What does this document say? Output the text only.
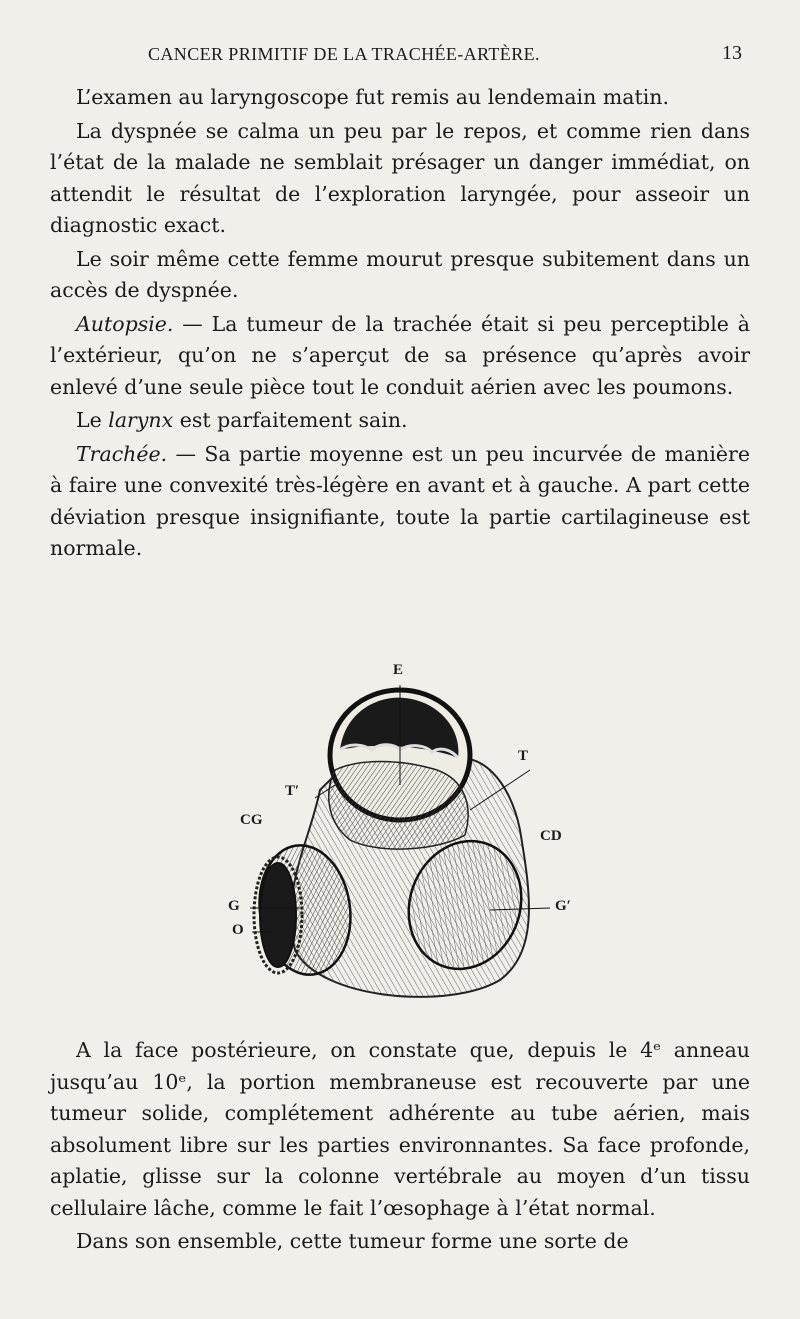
CANCER PRIMITIF DE LA TRACHÉE-ARTÈRE.	13

L’examen au laryngoscope fut remis au lendemain matin.

La dyspnée se calma un peu par le repos, et comme rien dans l’état de la malade ne semblait présager un danger immédiat, on attendit le résultat de l’exploration laryngée, pour asseoir un diagnostic exact.

Le soir même cette femme mourut presque subitement dans un accès de dyspnée.

Autopsie. — La tumeur de la trachée était si peu perceptible à l’extérieur, qu’on ne s’aperçut de sa présence qu’après avoir enlevé d’une seule pièce tout le conduit aérien avec les poumons.

Le larynx est parfaitement sain.

Trachée. — Sa partie moyenne est un peu incurvée de manière à faire une convexité très-légère en avant et à gauche. A part cette déviation presque insignifiante, toute la partie cartilagineuse est normale.

E
T
T′
CG
CD
G	G′
O

A la face postérieure, on constate que, depuis le 4ᵉ anneau jusqu’au 10ᵉ, la portion membraneuse est recouverte par une tumeur solide, complétement adhérente au tube aérien, mais absolument libre sur les parties environnantes. Sa face profonde, aplatie, glisse sur la colonne vertébrale au moyen d’un tissu cellulaire lâche, comme le fait l’œsophage à l’état normal.

Dans son ensemble, cette tumeur forme une sorte de
